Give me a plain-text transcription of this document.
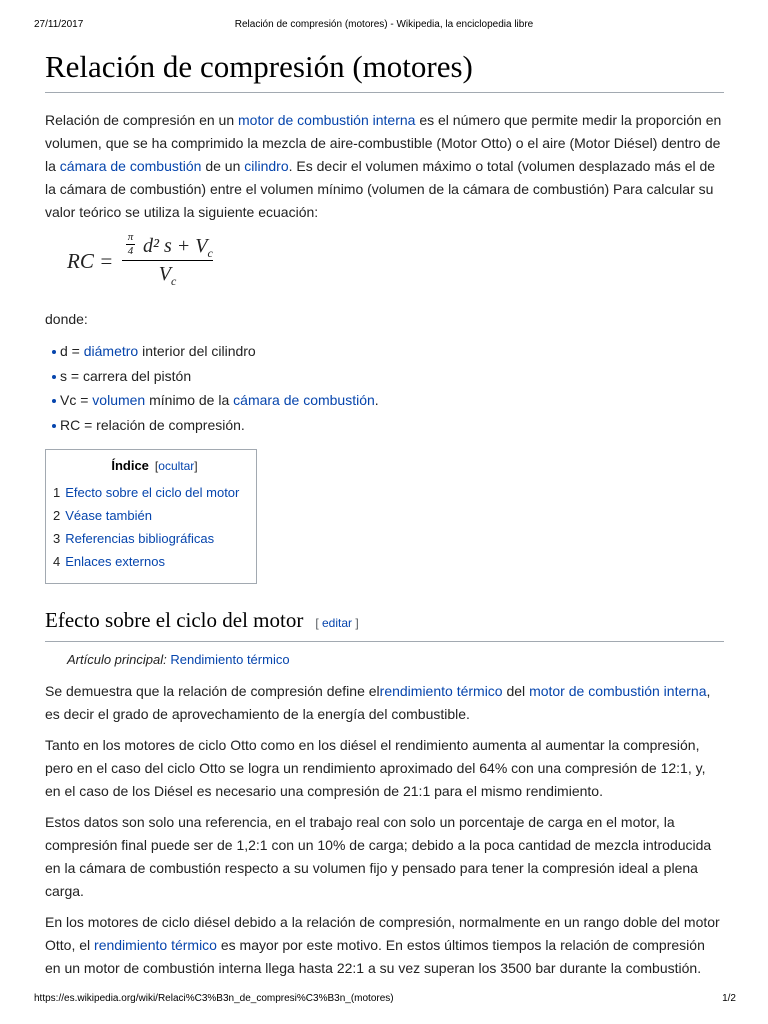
27/11/2017	Relación de compresión (motores) - Wikipedia, la enciclopedia libre
Relación de compresión (motores)

Relación de compresión en un motor de combustión interna es el número que permite medir la proporción en volumen, que se ha comprimido la mezcla de aire-combustible (Motor Otto) o el aire (Motor Diésel) dentro de la cámara de combustión de un cilindro. Es decir el volumen máximo o total (volumen desplazado más el de la cámara de combustión) entre el volumen mínimo (volumen de la cámara de combustión) Para calcular su valor teórico se utiliza la siguiente ecuación:

RC =
π
4 d² $s + V_c$
$V_c$

donde:

d = diámetro interior del cilindro
s = carrera del pistón
Vc = volumen mínimo de la cámara de combustión.
RC = relación de compresión.
Índice [ocultar]
1 Efecto sobre el ciclo del motor
2 Véase también
3 Referencias bibliográficas
4 Enlaces externos
Efecto sobre el ciclo del motor [ editar ]
Artículo principal: Rendimiento térmico

Se demuestra que la relación de compresión define elrendimiento térmico del motor de combustión interna, es decir el grado de aprovechamiento de la energía del combustible.

Tanto en los motores de ciclo Otto como en los diésel el rendimiento aumenta al aumentar la compresión, pero en el caso del ciclo Otto se logra un rendimiento aproximado del 64% con una compresión de 12:1, y, en el caso de los Diésel es necesario una compresión de 21:1 para el mismo rendimiento.

Estos datos son solo una referencia, en el trabajo real con solo un porcentaje de carga en el motor, la compresión final puede ser de 1,2:1 con un 10% de carga; debido a la poca cantidad de mezcla introducida en la cámara de combustión respecto a su volumen fijo y pensado para tener la compresión ideal a plena carga.

En los motores de ciclo diésel debido a la relación de compresión, normalmente en un rango doble del motor Otto, el rendimiento térmico es mayor por este motivo. En estos últimos tiempos la relación de compresión en un motor de combustión interna llega hasta 22:1 a su vez superan los 3500 bar durante la combustión.

https://es.wikipedia.org/wiki/Relaci%C3%B3n_de_compresi%C3%B3n_(motores)	1/2
